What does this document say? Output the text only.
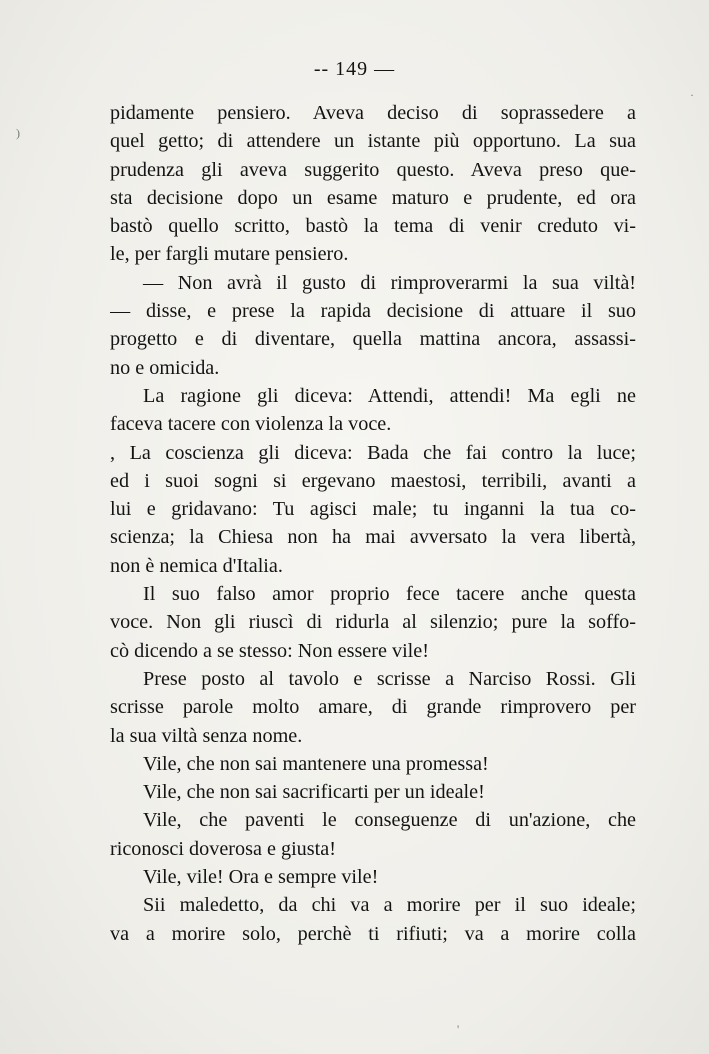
-- 149 —
pidamente pensiero. Aveva deciso di soprassedere a
quel getto; di attendere un istante più opportuno. La sua
prudenza gli aveva suggerito questo. Aveva preso que-
sta decisione dopo un esame maturo e prudente, ed ora
bastò quello scritto, bastò la tema di venir creduto vi-
le, per fargli mutare pensiero.
— Non avrà il gusto di rimproverarmi la sua viltà!
— disse, e prese la rapida decisione di attuare il suo
progetto e di diventare, quella mattina ancora, assassi-
no e omicida.
La ragione gli diceva: Attendi, attendi! Ma egli ne
faceva tacere con violenza la voce.
, La coscienza gli diceva: Bada che fai contro la luce;
ed i suoi sogni si ergevano maestosi, terribili, avanti a
lui e gridavano: Tu agisci male; tu inganni la tua co-
scienza; la Chiesa non ha mai avversato la vera libertà,
non è nemica d'Italia.
Il suo falso amor proprio fece tacere anche questa
voce. Non gli riuscì di ridurla al silenzio; pure la soffo-
cò dicendo a se stesso: Non essere vile!
Prese posto al tavolo e scrisse a Narciso Rossi. Gli
scrisse parole molto amare, di grande rimprovero per
la sua viltà senza nome.
Vile, che non sai mantenere una promessa!
Vile, che non sai sacrificarti per un ideale!
Vile, che paventi le conseguenze di un'azione, che
riconosci doverosa e giusta!
Vile, vile! Ora e sempre vile!
Sii maledetto, da chi va a morire per il suo ideale;
va a morire solo, perchè ti rifiuti; va a morire colla
)
·
'
